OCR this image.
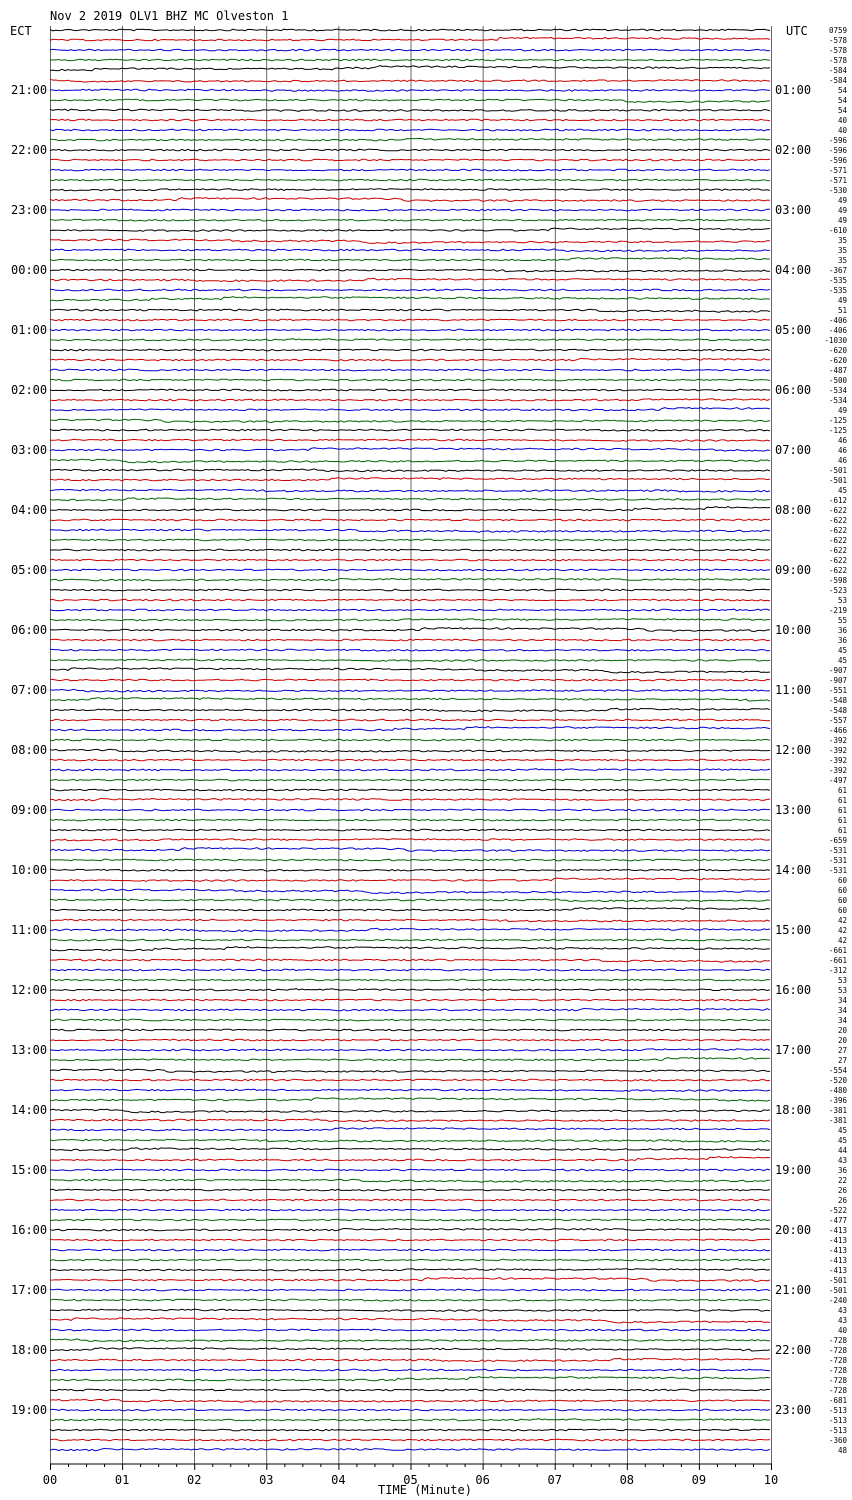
Nov 2 2019 OLV1 BHZ MC Olveston 1
ECT	UTC
21:00
22:00
23:00
00:00
01:00
02:00
03:00
04:00
05:00
06:00
07:00
08:00
09:00
10:00
11:00
12:00
13:00
14:00
15:00
16:00
17:00
18:00
19:00
01:00
02:00
03:00
04:00
05:00
06:00
07:00
08:00
09:00
10:00
11:00
12:00
13:00
14:00
15:00
16:00
17:00
18:00
19:00
20:00
21:00
22:00
23:00
0759
-578
-578
-578
-584
-584
54
54
54
40
40
-596
-596
-596
-571
-571
-530
49
49
49
-610
35
35
35
-367
-535
-535
49
51
-406
-406
-1030
-620
-620
-487
-500
-534
-534
49
-125
-125
46
46
46
-501
-501
45
-612
-622
-622
-622
-622
-622
-622
-622
-598
-523
53
-219
55
36
36
45
45
-907
-907
-551
-548
-548
-557
-466
-392
-392
-392
-392
-497
61
61
61
61
61
-659
-531
-531
-531
60
60
60
60
42
42
42
-661
-661
-312
53
53
34
34
34
20
20
27
27
-554
-520
-480
-396
-381
-381
45
45
44
43
36
22
26
26
-522
-477
-413
-413
-413
-413
-413
-501
-501
-240
43
43
40
-728
-728
-728
-728
-728
-728
-681
-513
-513
-513
-360
48
00	01	02	03	04	05	06	07	08	09	10
TIME (Minute)
